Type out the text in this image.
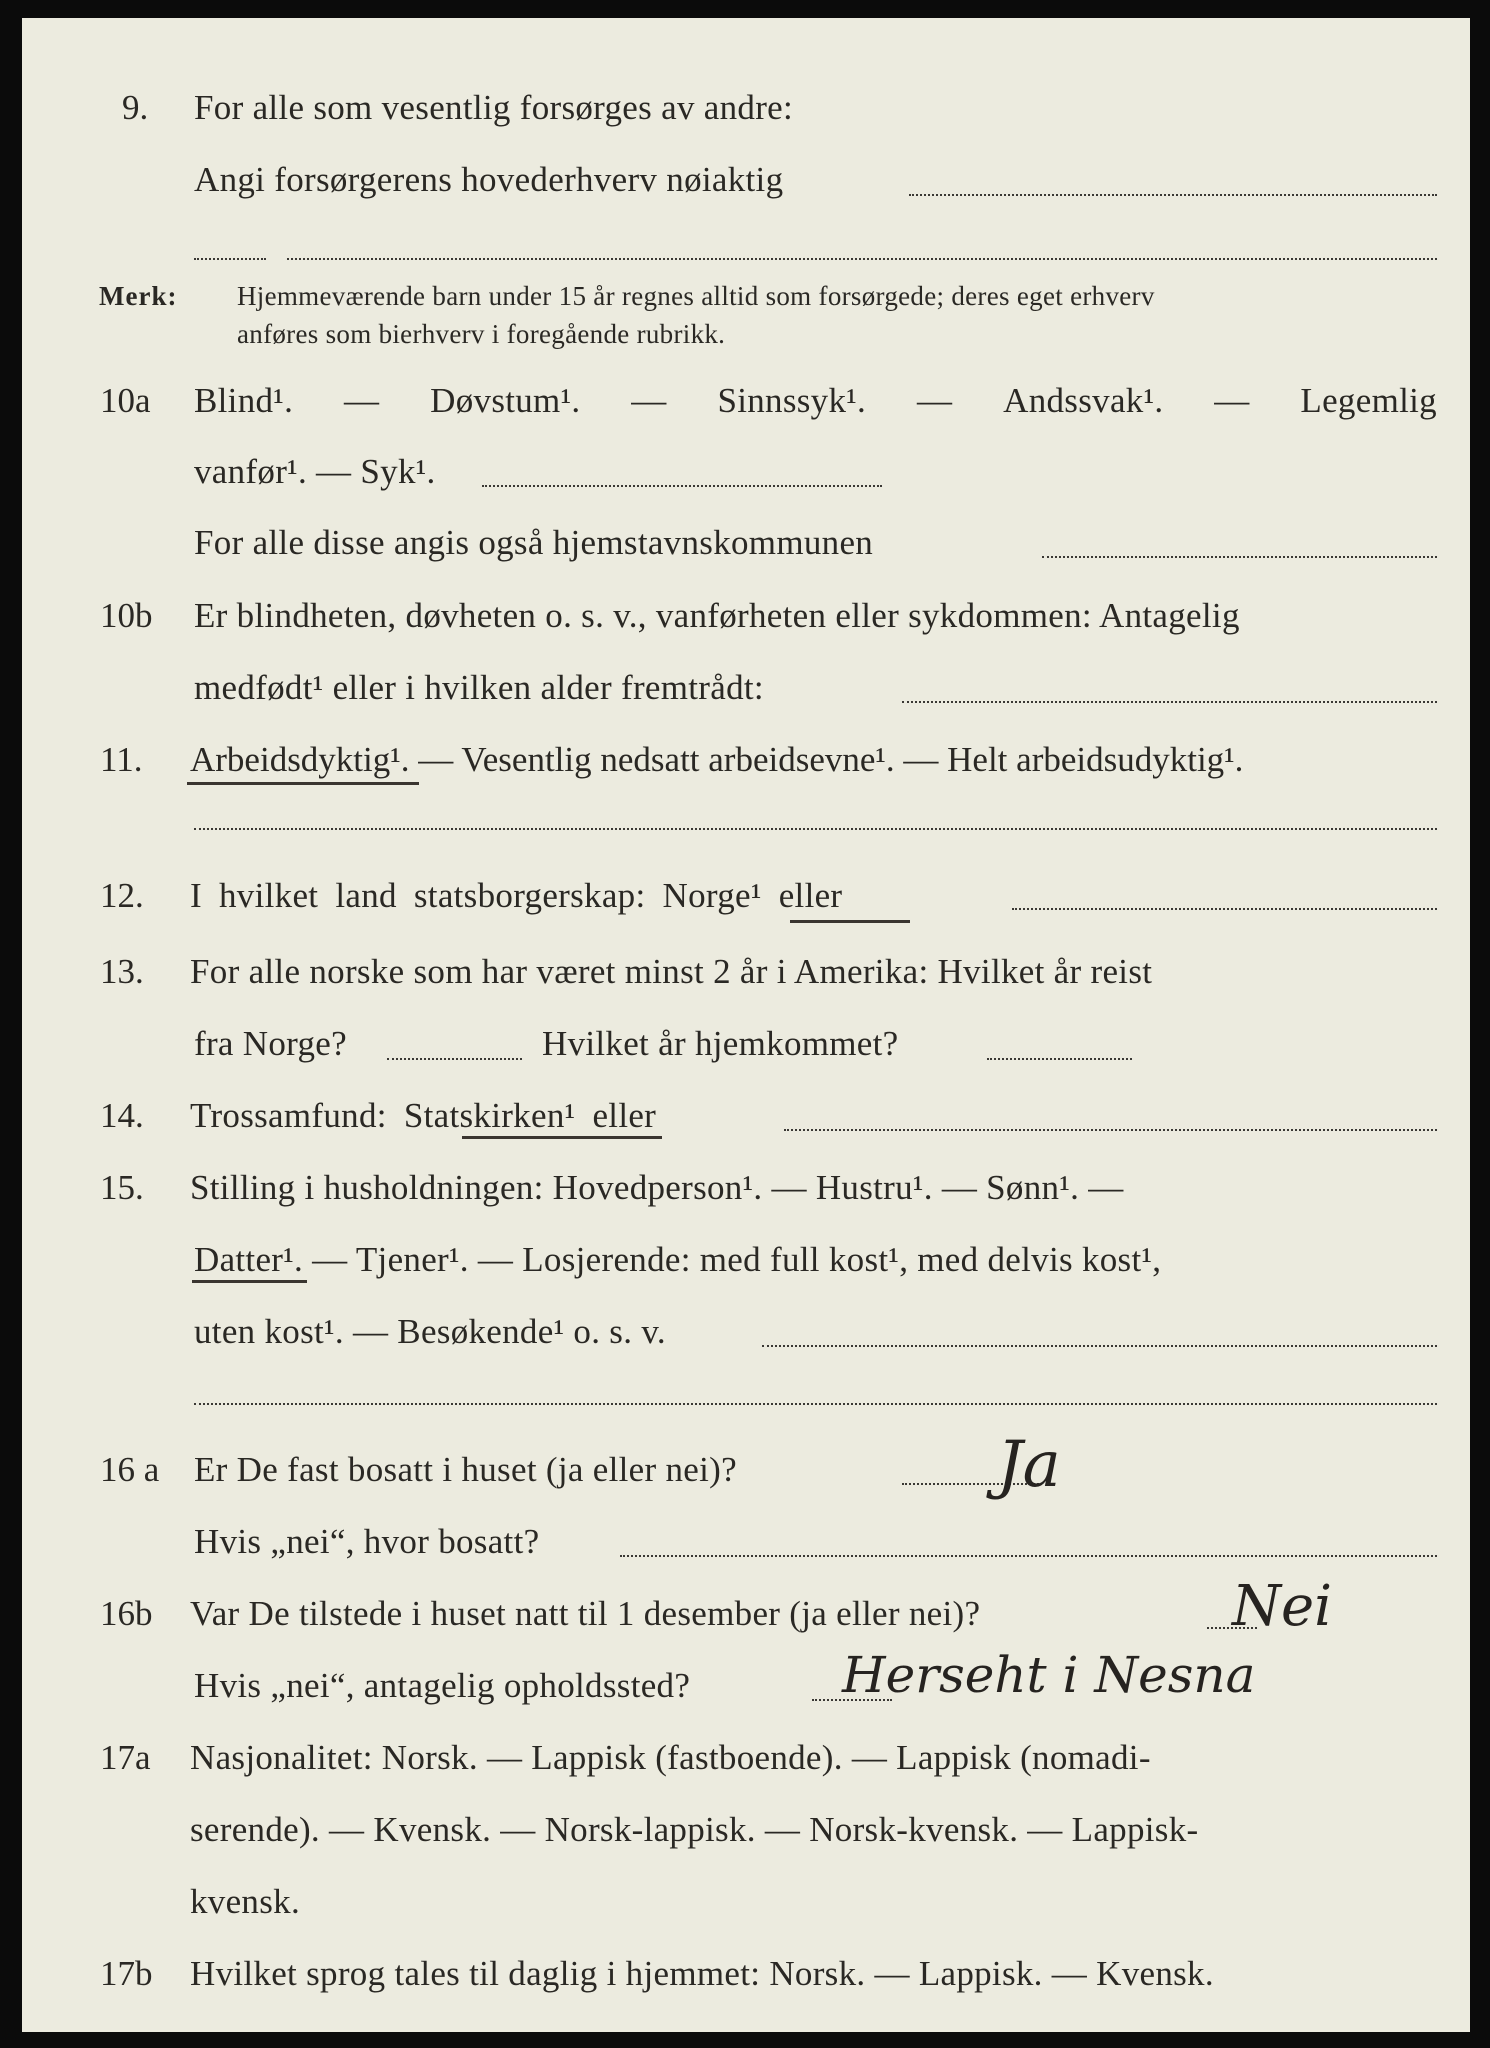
9. For alle som vesentlig forsørges av andre:
Angi forsørgerens hovederhverv nøiaktig
Merk: Hjemmeværende barn under 15 år regnes alltid som forsørgede; deres eget erhverv
anføres som bierhverv i foregående rubrikk.
10a Blind¹. — Døvstum¹. — Sinnssyk¹. — Andssvak¹. — Legemlig
vanfør¹. — Syk¹.
For alle disse angis også hjemstavnskommunen
10b Er blindheten, døvheten o. s. v., vanførheten eller sykdommen: Antagelig
medfødt¹ eller i hvilken alder fremtrådt:
11. Arbeidsdyktig¹. — Vesentlig nedsatt arbeidsevne¹. — Helt arbeidsudyktig¹.
12. I hvilket land statsborgerskap: Norge¹ eller
13. For alle norske som har været minst 2 år i Amerika: Hvilket år reist
fra Norge?	Hvilket år hjemkommet?
14. Trossamfund: Statskirken¹ eller
15. Stilling i husholdningen: Hovedperson¹. — Hustru¹. — Sønn¹. —
Datter¹. — Tjener¹. — Losjerende: med full kost¹, med delvis kost¹,
uten kost¹. — Besøkende¹ o. s. v.
16 a Er De fast bosatt i huset (ja eller nei)?	Ja
Hvis „nei“, hvor bosatt?
16b Var De tilstede i huset natt til 1 desember (ja eller nei)?	Nei
Hvis „nei“, antagelig opholdssted?	Herseht i Nesna
17a Nasjonalitet: Norsk. — Lappisk (fastboende). — Lappisk (nomadi-
serende). — Kvensk. — Norsk-lappisk. — Norsk-kvensk. — Lappisk-
kvensk.
17b Hvilket sprog tales til daglig i hjemmet: Norsk. — Lappisk. — Kvensk.
